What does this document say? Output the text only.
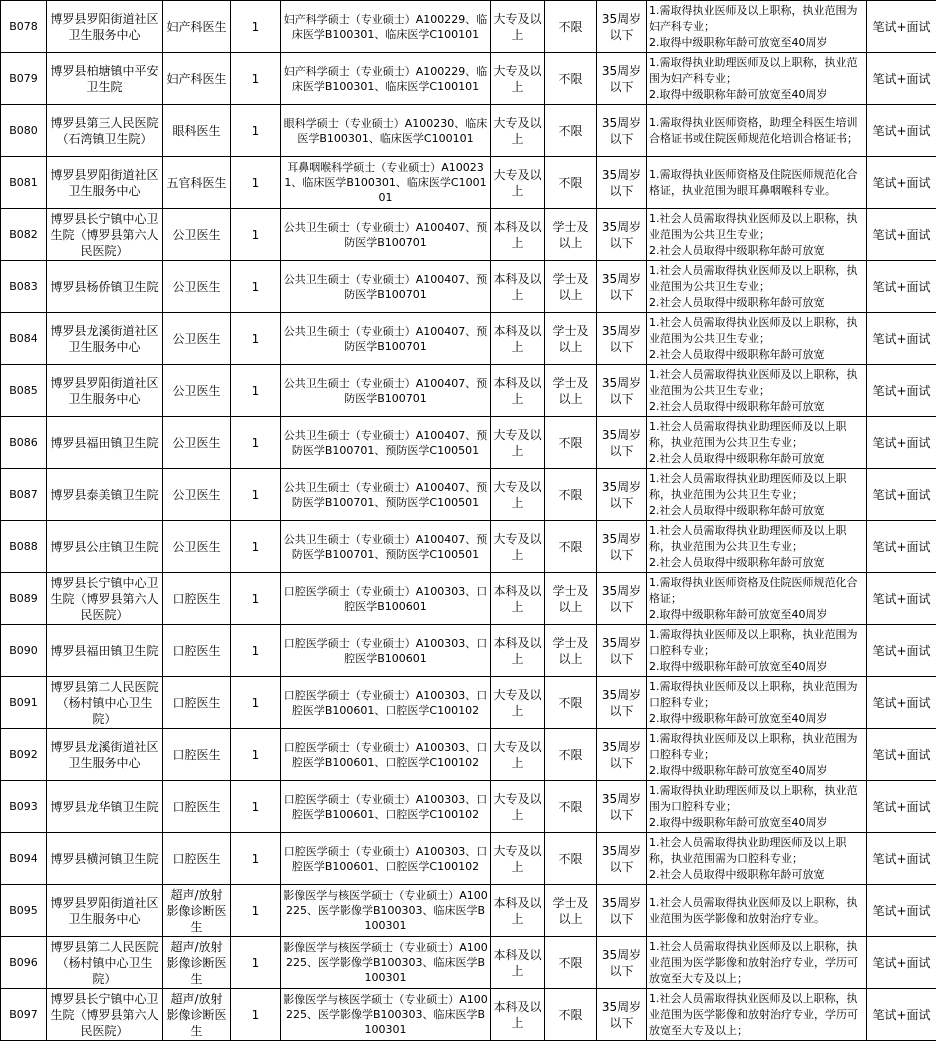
B078	博罗县罗阳街道社区卫生服务中心	妇产科医生	1	妇产科学硕士（专业硕士）A100229、临床医学B100301、临床医学C100101	大专及以上	不限	35周岁以下	1.需取得执业医师及以上职称，执业范围为妇产科专业；
2.取得中级职称年龄可放宽至40周岁	笔试+面试
B079	博罗县柏塘镇中平安卫生院	妇产科医生	1	妇产科学硕士（专业硕士）A100229、临床医学B100301、临床医学C100101	大专及以上	不限	35周岁以下	1.需取得执业助理医师及以上职称，执业范围为妇产科专业；
2.取得中级职称年龄可放宽至40周岁	笔试+面试
B080	博罗县第三人民医院（石湾镇卫生院）	眼科医生	1	眼科学硕士（专业硕士）A100230、临床医学B100301、临床医学C100101	大专及以上	不限	35周岁以下	1.需取得执业医师资格，助理全科医生培训合格证书或住院医师规范化培训合格证书；	笔试+面试
B081	博罗县罗阳街道社区卫生服务中心	五官科医生	1	耳鼻咽喉科学硕士（专业硕士）A100231、临床医学B100301、临床医学C100101	大专及以上	不限	35周岁以下	1.需取得执业医师资格及住院医师规范化合格证，执业范围为眼耳鼻咽喉科专业。	笔试+面试
B082	博罗县长宁镇中心卫生院（博罗县第六人民医院）	公卫医生	1	公共卫生硕士（专业硕士）A100407、预防医学B100701	本科及以上	学士及以上	35周岁以下	1.社会人员需取得执业医师及以上职称，执业范围为公共卫生专业；
2.社会人员取得中级职称年龄可放宽	笔试+面试
B083	博罗县杨侨镇卫生院	公卫医生	1	公共卫生硕士（专业硕士）A100407、预防医学B100701	本科及以上	学士及以上	35周岁以下	1.社会人员需取得执业医师及以上职称，执业范围为公共卫生专业；
2.社会人员取得中级职称年龄可放宽	笔试+面试
B084	博罗县龙溪街道社区卫生服务中心	公卫医生	1	公共卫生硕士（专业硕士）A100407、预防医学B100701	本科及以上	学士及以上	35周岁以下	1.社会人员需取得执业医师及以上职称，执业范围为公共卫生专业；
2.社会人员取得中级职称年龄可放宽	笔试+面试
B085	博罗县罗阳街道社区卫生服务中心	公卫医生	1	公共卫生硕士（专业硕士）A100407、预防医学B100701	本科及以上	学士及以上	35周岁以下	1.社会人员需取得执业医师及以上职称，执业范围为公共卫生专业；
2.社会人员取得中级职称年龄可放宽	笔试+面试
B086	博罗县福田镇卫生院	公卫医生	1	公共卫生硕士（专业硕士）A100407、预防医学B100701、预防医学C100501	大专及以上	不限	35周岁以下	1.社会人员需取得执业助理医师及以上职称，执业范围为公共卫生专业；
2.社会人员取得中级职称年龄可放宽	笔试+面试
B087	博罗县泰美镇卫生院	公卫医生	1	公共卫生硕士（专业硕士）A100407、预防医学B100701、预防医学C100501	大专及以上	不限	35周岁以下	1.社会人员需取得执业助理医师及以上职称，执业范围为公共卫生专业；
2.社会人员取得中级职称年龄可放宽	笔试+面试
B088	博罗县公庄镇卫生院	公卫医生	1	公共卫生硕士（专业硕士）A100407、预防医学B100701、预防医学C100501	大专及以上	不限	35周岁以下	1.社会人员需取得执业助理医师及以上职称，执业范围为公共卫生专业；
2.社会人员取得中级职称年龄可放宽	笔试+面试
B089	博罗县长宁镇中心卫生院（博罗县第六人民医院）	口腔医生	1	口腔医学硕士（专业硕士）A100303、口腔医学B100601	本科及以上	学士及以上	35周岁以下	1.需取得执业医师资格及住院医师规范化合格证；
2.取得中级职称年龄可放宽至40周岁	笔试+面试
B090	博罗县福田镇卫生院	口腔医生	1	口腔医学硕士（专业硕士）A100303、口腔医学B100601	本科及以上	学士及以上	35周岁以下	1.需取得执业医师及以上职称，执业范围为口腔科专业；
2.取得中级职称年龄可放宽至40周岁	笔试+面试
B091	博罗县第二人民医院（杨村镇中心卫生院）	口腔医生	1	口腔医学硕士（专业硕士）A100303、口腔医学B100601、口腔医学C100102	大专及以上	不限	35周岁以下	1.需取得执业医师及以上职称，执业范围为口腔科专业；
2.取得中级职称年龄可放宽至40周岁	笔试+面试
B092	博罗县龙溪街道社区卫生服务中心	口腔医生	1	口腔医学硕士（专业硕士）A100303、口腔医学B100601、口腔医学C100102	大专及以上	不限	35周岁以下	1.需取得执业医师及以上职称，执业范围为口腔科专业；
2.取得中级职称年龄可放宽至40周岁	笔试+面试
B093	博罗县龙华镇卫生院	口腔医生	1	口腔医学硕士（专业硕士）A100303、口腔医学B100601、口腔医学C100102	大专及以上	不限	35周岁以下	1.需取得执业助理医师及以上职称，执业范围为口腔科专业；
2.取得中级职称年龄可放宽至40周岁	笔试+面试
B094	博罗县横河镇卫生院	口腔医生	1	口腔医学硕士（专业硕士）A100303、口腔医学B100601、口腔医学C100102	大专及以上	不限	35周岁以下	1.社会人员需取得执业助理医师及以上职称，执业范围需为口腔科专业；
2.社会人员取得中级职称年龄可放宽	笔试+面试
B095	博罗县罗阳街道社区卫生服务中心	超声/放射影像诊断医生	1	影像医学与核医学硕士（专业硕士）A100225、医学影像学B100303、临床医学B100301	本科及以上	学士及以上	35周岁以下	1.社会人员需取得执业医师及以上职称，执业范围为医学影像和放射治疗专业。	笔试+面试
B096	博罗县第二人民医院（杨村镇中心卫生院）	超声/放射影像诊断医生	1	影像医学与核医学硕士（专业硕士）A100225、医学影像学B100303、临床医学B100301	本科及以上	不限	35周岁以下	1.社会人员需取得执业医师及以上职称，执业范围为医学影像和放射治疗专业，学历可放宽至大专及以上；	笔试+面试
B097	博罗县长宁镇中心卫生院（博罗县第六人民医院）	超声/放射影像诊断医生	1	影像医学与核医学硕士（专业硕士）A100225、医学影像学B100303、临床医学B100301	本科及以上	不限	35周岁以下	1.社会人员需取得执业医师及以上职称，执业范围为医学影像和放射治疗专业，学历可放宽至大专及以上；	笔试+面试
